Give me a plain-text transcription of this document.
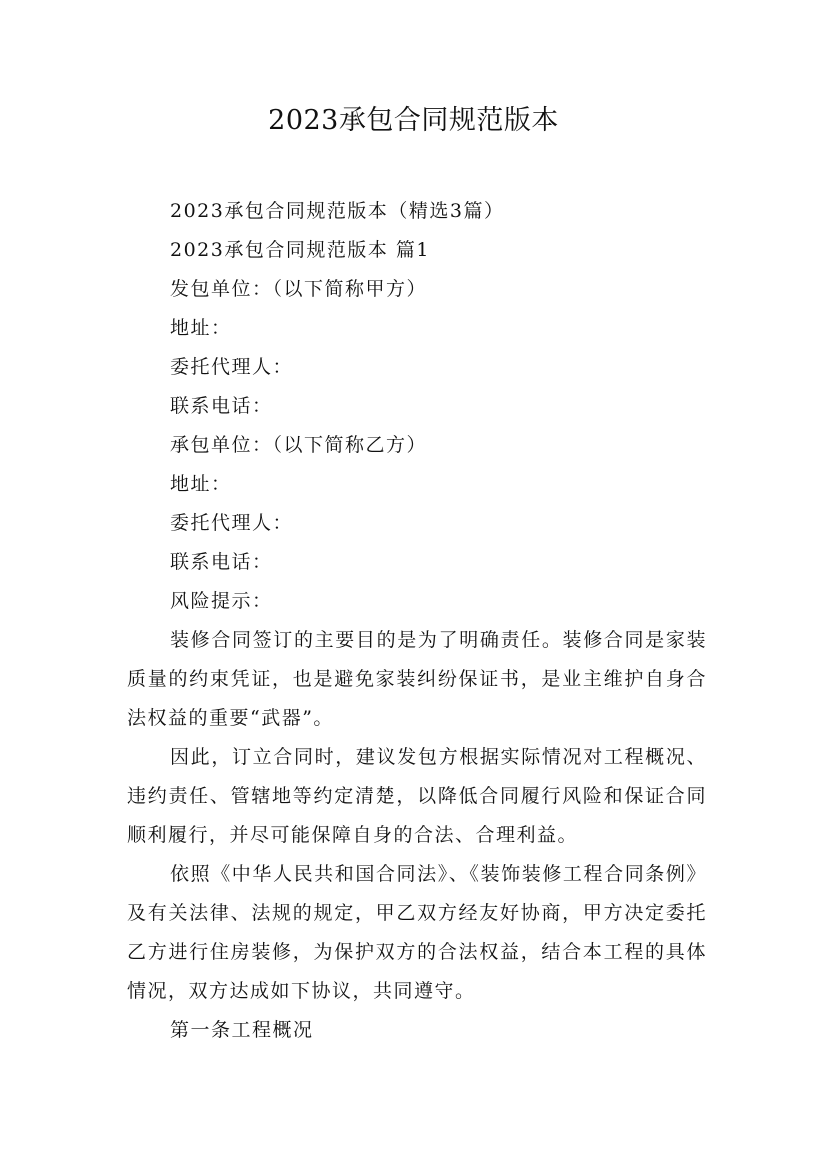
2023承包合同规范版本
2023承包合同规范版本（精选3篇）
2023承包合同规范版本 篇1
发包单位：（以下简称甲方）
地址：
委托代理人：
联系电话：
承包单位：（以下简称乙方）
地址：
委托代理人：
联系电话：
风险提示：

装修合同签订的主要目的是为了明确责任。装修合同是家装质量的约束凭证，也是避免家装纠纷保证书，是业主维护自身合法权益的重要“武器”。

因此，订立合同时，建议发包方根据实际情况对工程概况、违约责任、管辖地等约定清楚，以降低合同履行风险和保证合同顺利履行，并尽可能保障自身的合法、合理利益。

依照《中华人民共和国合同法》、《装饰装修工程合同条例》及有关法律、法规的规定，甲乙双方经友好协商，甲方决定委托乙方进行住房装修，为保护双方的合法权益，结合本工程的具体情况，双方达成如下协议，共同遵守。

第一条工程概况
